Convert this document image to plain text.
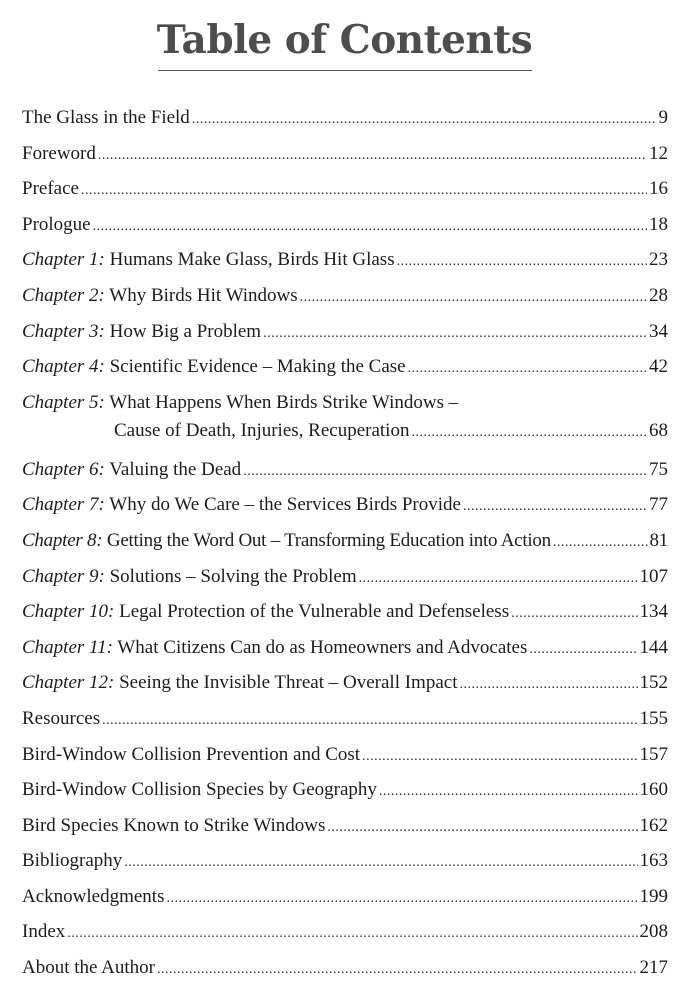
Table of Contents
The Glass in the Field .....	9
Foreword .....	12
Preface .....	16
Prologue .....	18
Chapter 1: Humans Make Glass, Birds Hit Glass .....	23
Chapter 2: Why Birds Hit Windows .....	28
Chapter 3: How Big a Problem .....	34
Chapter 4: Scientific Evidence – Making the Case .....	42
Chapter 5: What Happens When Birds Strike Windows –
Cause of Death, Injuries, Recuperation .....	68
Chapter 6: Valuing the Dead .....	75
Chapter 7: Why do We Care – the Services Birds Provide .....	77
Chapter 8: Getting the Word Out – Transforming Education into Action .....	81
Chapter 9: Solutions – Solving the Problem .....	107
Chapter 10: Legal Protection of the Vulnerable and Defenseless .....	134
Chapter 11: What Citizens Can do as Homeowners and Advocates .....	144
Chapter 12: Seeing the Invisible Threat – Overall Impact .....	152
Resources .....	155
Bird-Window Collision Prevention and Cost .....	157
Bird-Window Collision Species by Geography .....	160
Bird Species Known to Strike Windows .....	162
Bibliography .....	163
Acknowledgments .....	199
Index .....	208
About the Author .....	217
